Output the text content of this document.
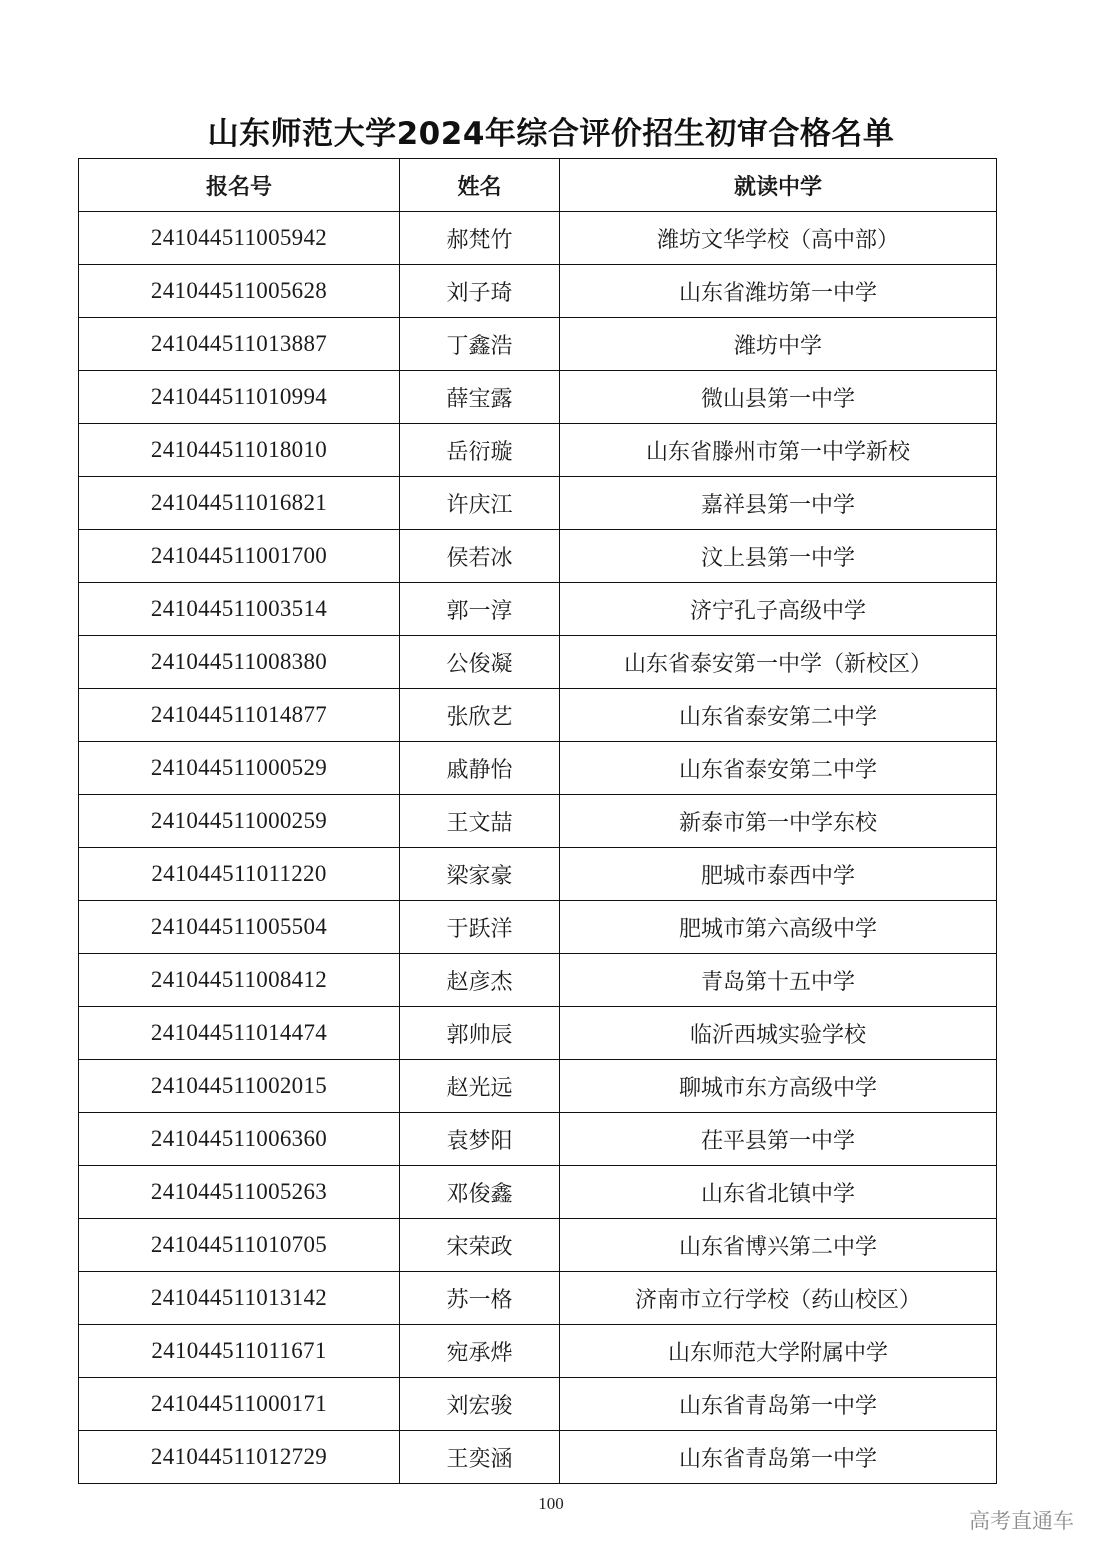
山东师范大学2024年综合评价招生初审合格名单
报名号	姓名	就读中学
241044511005942	郝梵竹	潍坊文华学校（高中部）
241044511005628	刘子琦	山东省潍坊第一中学
241044511013887	丁鑫浩	潍坊中学
241044511010994	薛宝露	微山县第一中学
241044511018010	岳衍璇	山东省滕州市第一中学新校
241044511016821	许庆江	嘉祥县第一中学
241044511001700	侯若冰	汶上县第一中学
241044511003514	郭一淳	济宁孔子高级中学
241044511008380	公俊凝	山东省泰安第一中学（新校区）
241044511014877	张欣艺	山东省泰安第二中学
241044511000529	戚静怡	山东省泰安第二中学
241044511000259	王文喆	新泰市第一中学东校
241044511011220	梁家豪	肥城市泰西中学
241044511005504	于跃洋	肥城市第六高级中学
241044511008412	赵彦杰	青岛第十五中学
241044511014474	郭帅辰	临沂西城实验学校
241044511002015	赵光远	聊城市东方高级中学
241044511006360	袁梦阳	茌平县第一中学
241044511005263	邓俊鑫	山东省北镇中学
241044511010705	宋荣政	山东省博兴第二中学
241044511013142	苏一格	济南市立行学校（药山校区）
241044511011671	宛承烨	山东师范大学附属中学
241044511000171	刘宏骏	山东省青岛第一中学
241044511012729	王奕涵	山东省青岛第一中学
100
高考直通车
